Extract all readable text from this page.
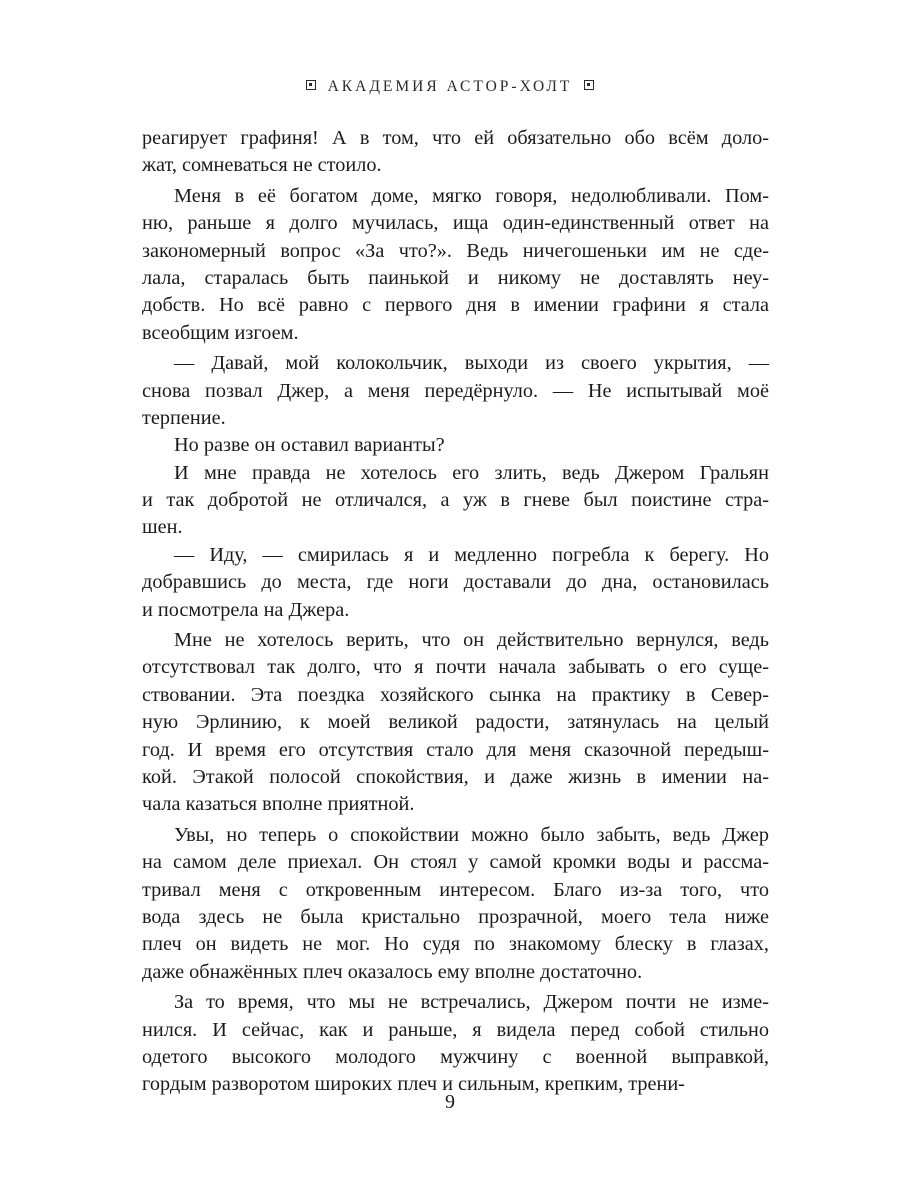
АКАДЕМИЯ АСТОР-ХОЛТ
реагирует графиня! А в том, что ей обязательно обо всём доло-
жат, сомневаться не стоило.
Меня в её богатом доме, мягко говоря, недолюбливали. Пом-
ню, раньше я долго мучилась, ища один-единственный ответ на
закономерный вопрос «За что?». Ведь ничегошеньки им не сде-
лала, старалась быть паинькой и никому не доставлять неу-
добств. Но всё равно с первого дня в имении графини я стала
всеобщим изгоем.
— Давай, мой колокольчик, выходи из своего укрытия, —
снова позвал Джер, а меня передёрнуло. — Не испытывай моё
терпение.
Но разве он оставил варианты?
И мне правда не хотелось его злить, ведь Джером Гральян
и так добротой не отличался, а уж в гневе был поистине стра-
шен.
— Иду, — смирилась я и медленно погребла к берегу. Но
добравшись до места, где ноги доставали до дна, остановилась
и посмотрела на Джера.
Мне не хотелось верить, что он действительно вернулся, ведь
отсутствовал так долго, что я почти начала забывать о его суще-
ствовании. Эта поездка хозяйского сынка на практику в Север-
ную Эрлинию, к моей великой радости, затянулась на целый
год. И время его отсутствия стало для меня сказочной передыш-
кой. Этакой полосой спокойствия, и даже жизнь в имении на-
чала казаться вполне приятной.
Увы, но теперь о спокойствии можно было забыть, ведь Джер
на самом деле приехал. Он стоял у самой кромки воды и рассма-
тривал меня с откровенным интересом. Благо из-за того, что
вода здесь не была кристально прозрачной, моего тела ниже
плеч он видеть не мог. Но судя по знакомому блеску в глазах,
даже обнажённых плеч оказалось ему вполне достаточно.
За то время, что мы не встречались, Джером почти не изме-
нился. И сейчас, как и раньше, я видела перед собой стильно
одетого высокого молодого мужчину с военной выправкой,
гордым разворотом широких плеч и сильным, крепким, трени-
9
